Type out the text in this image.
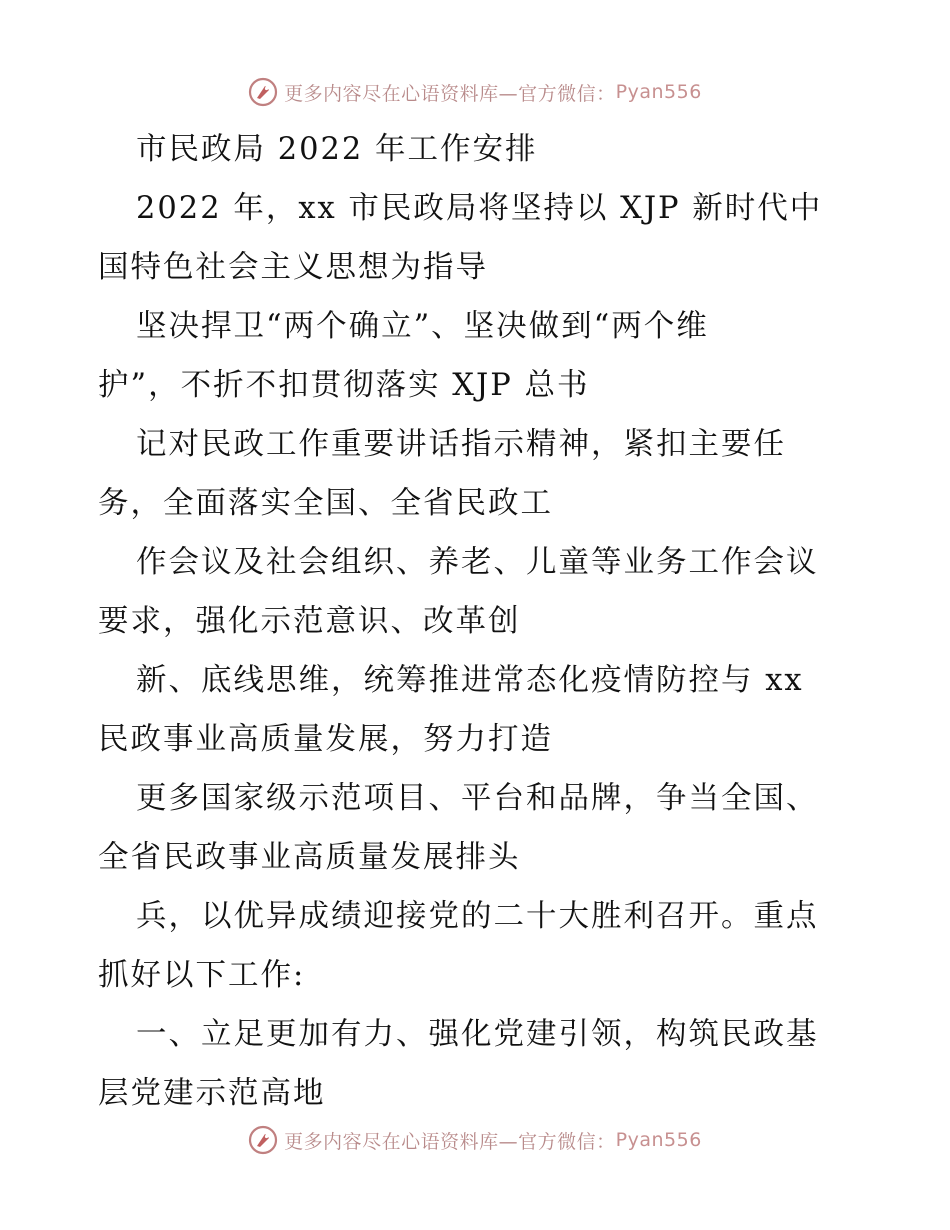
更多内容尽在心语资料库—官方微信： Pyan556

市民政局 2022 年工作安排

2022 年，xx 市民政局将坚持以 XJP 新时代中
国特色社会主义思想为指导

坚决捍卫“两个确立”、坚决做到“两个维
护”，不折不扣贯彻落实 XJP 总书

记对民政工作重要讲话指示精神，紧扣主要任
务，全面落实全国、全省民政工

作会议及社会组织、养老、儿童等业务工作会议
要求，强化示范意识、改革创

新、底线思维，统筹推进常态化疫情防控与 xx
民政事业高质量发展，努力打造

更多国家级示范项目、平台和品牌，争当全国、
全省民政事业高质量发展排头

兵，以优异成绩迎接党的二十大胜利召开。重点
抓好以下工作:

一、立足更加有力、强化党建引领，构筑民政基
层党建示范高地

更多内容尽在心语资料库—官方微信： Pyan556
